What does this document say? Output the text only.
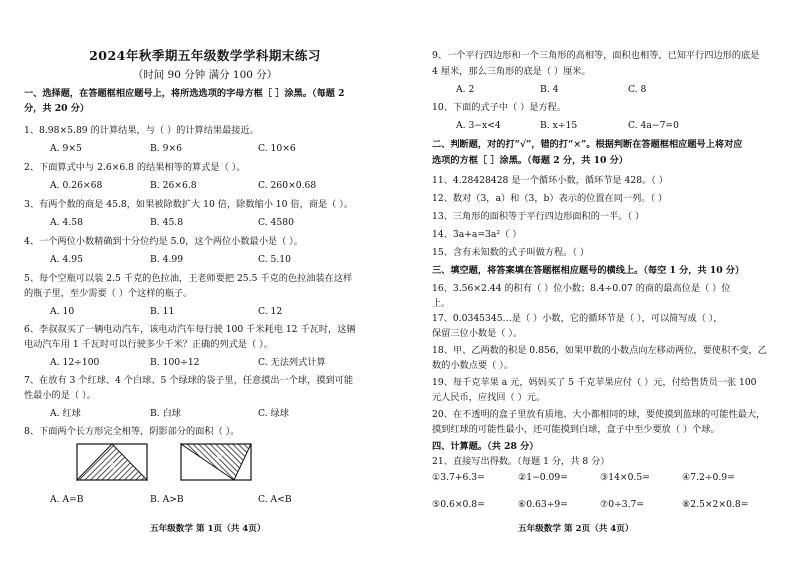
2024年秋季期五年级数学学科期末练习
（时间 90 分钟 满分 100 分）
一、选择题，在答题框相应题号上，将所选选项的字母方框［ ］涂黑。（每题 2
分，共 20 分）
1、8.98×5.89 的计算结果，与（ ）的计算结果最接近。
A. 9×5	B. 9×6	C. 10×6
2、下面算式中与 2.6×6.8 的结果相等的算式是（ ）。
A. 0.26×68	B. 26×6.8	C. 260×0.68
3、有两个数的商是 45.8，如果被除数扩大 10 倍，除数缩小 10 倍，商是（ ）。
A. 4.58	B. 45.8	C. 4580
4、一个两位小数精确到十分位约是 5.0，这个两位小数最小是（ ）。
A. 4.95	B. 4.99	C. 5.10
5、每个空瓶可以装 2.5 千克的色拉油，王老师要把 25.5 千克的色拉油装在这样
的瓶子里，至少需要（ ）个这样的瓶子。
A. 10	B. 11	C. 12
6、李叔叔买了一辆电动汽车，该电动汽车每行驶 100 千米耗电 12 千瓦时，这辆
电动汽车用 1 千瓦时可以行驶多少千米？正确的列式是（ ）。
A. 12÷100	B. 100÷12	C. 无法列式计算
7、在放有 3 个红球、4 个白球、5 个绿球的袋子里，任意摸出一个球，摸到可能
性最小的是（ ）。
A. 红球	B. 白球	C. 绿球
8、下面两个长方形完全相等，阴影部分的面积（ ）。
A
B
A. A=B	B. A>B	C. A<B
五年级数学 第 1页（共 4页）
9、一个平行四边形和一个三角形的高相等，面积也相等，已知平行四边形的底是
4 厘米，那么三角形的底是（ ）厘米。
A. 2	B. 4	C. 8
10、下面的式子中（ ）是方程。
A. 3−x<4	B. x÷15	C. 4a−7=0
二、判断题，对的打“√”，错的打“×”。根据判断在答题框相应题号上将对应
选项的方框［ ］涂黑。（每题 2 分，共 10 分）
11、4.28428428 是一个循环小数，循环节是 428。（ ）
12、数对（3，a）和（3，b）表示的位置在同一列。（ ）
13、三角形的面积等于平行四边形面积的一半。（ ）
14、3a+a=3a²（ ）
15、含有未知数的式子叫做方程。（ ）
三、填空题，将答案填在答题框相应题号的横线上。（每空 1 分，共 10 分）
16、3.56×2.44 的积有（ ）位小数；8.4÷0.07 的商的最高位是（ ）位
上。
17、0.0345345…是（ ）小数，它的循环节是（ ），可以简写成（ ），
保留三位小数是（ ）。
18、甲、乙两数的积是 0.856，如果甲数的小数点向左移动两位，要使积不变，乙
数的小数点要（ ）。
19、每千克苹果 a 元，妈妈买了 5 千克苹果应付（ ）元，付给售货员一张 100
元人民币，应找回（ ）元。
20、在不透明的盒子里放有质地、大小都相同的球，要使摸到蓝球的可能性最大，
摸到红球的可能性最小，还可能摸到白球，盒子中至少要放（ ）个球。
四、计算题。（共 28 分）
21、直接写出得数。（每题 1 分，共 8 分）
①3.7+6.3=	②1−0.09=	③14×0.5=	④7.2÷0.9=
⑤0.6×0.8=	⑥0.63÷9=	⑦0÷3.7=	⑧2.5×2×0.8=
五年级数学 第 2页（共 4页）
